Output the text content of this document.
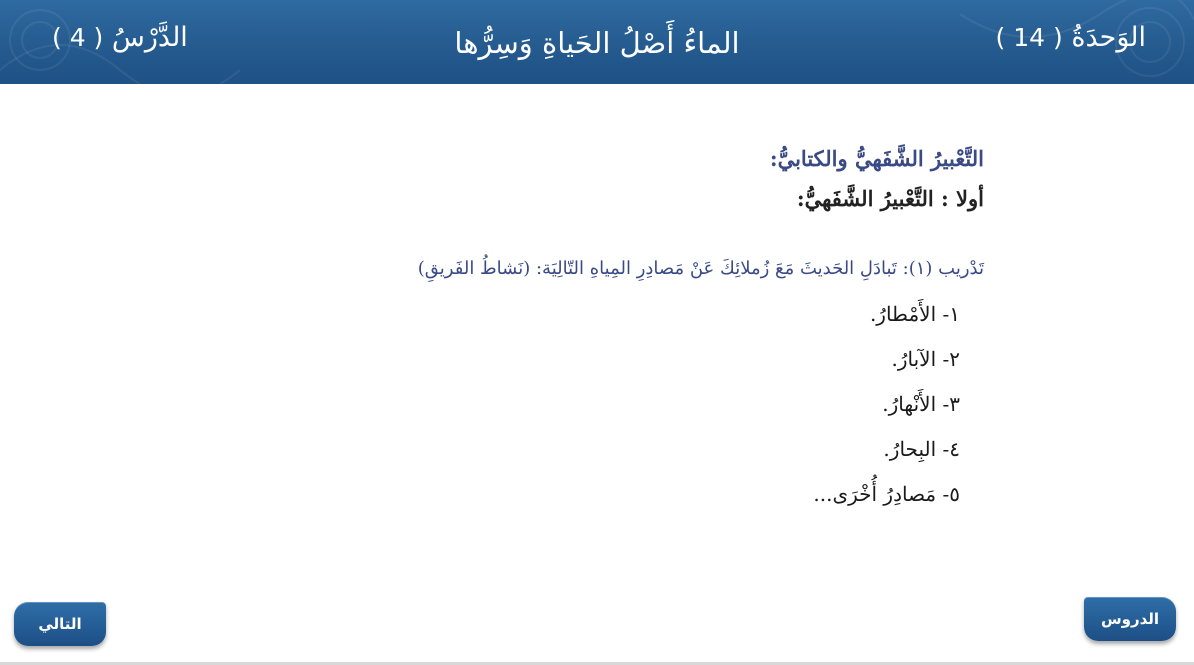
الوَحدَةُ ( 14 )
الماءُ أَصْلُ الحَياةِ وَسِرُّها
الدَّرْسُ ( 4 )
التَّعْبيرُ الشَّفَهيُّ والكتابيُّ:
أولا : التَّعْبيرُ الشَّفَهيُّ:
تَدْريب (١): تَبادَلِ الحَديثَ مَعَ زُملائِكَ عَنْ مَصادِرِ المِياهِ التّالِيَة: (نَشاطُ الفَريقِ)
١- الأَمْطارُ.
٢- الآبارُ.
٣- الأَنْهارُ.
٤- البِحارُ.
٥- مَصادِرُ أُخْرَى...
التالي	الدروس
